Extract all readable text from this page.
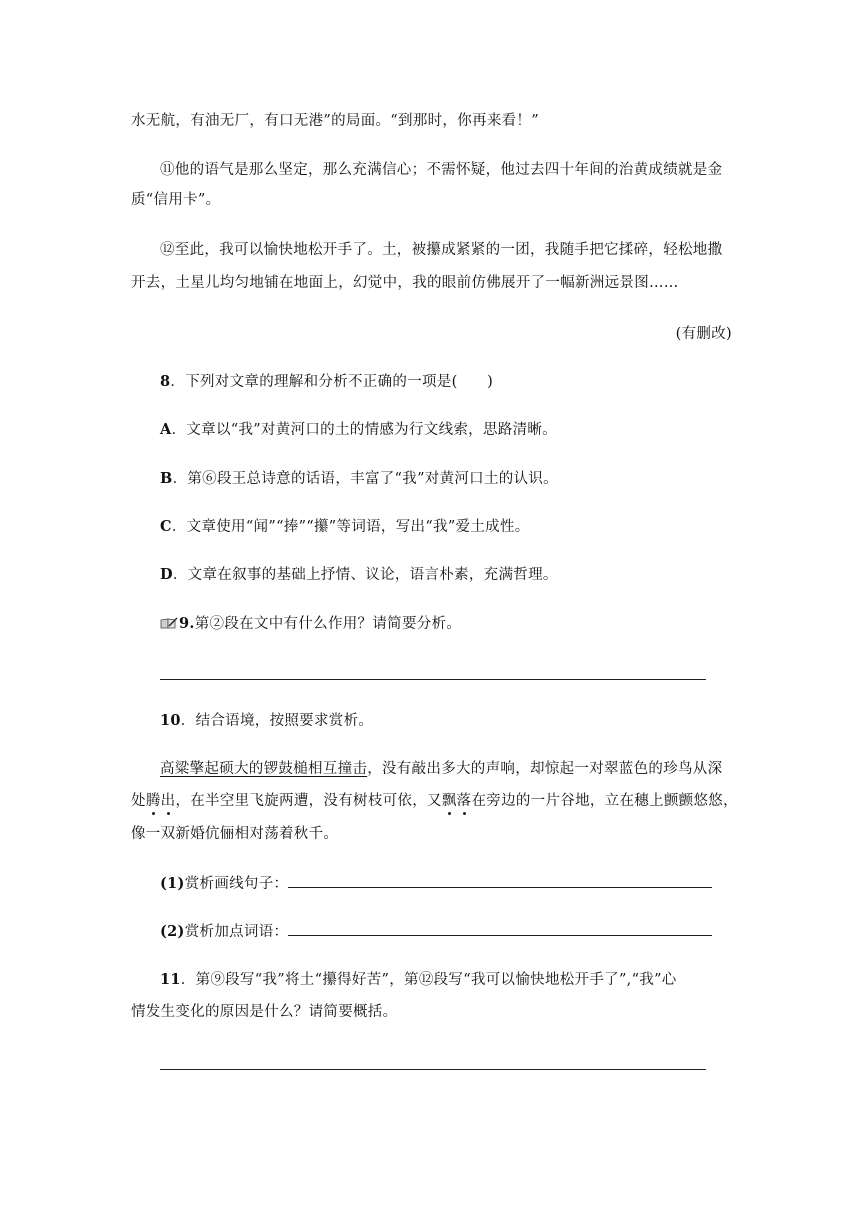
水无航，有油无厂，有口无港”的局面。“到那时，你再来看！”
⑪他的语气是那么坚定，那么充满信心；不需怀疑，他过去四十年间的治黄成绩就是金
质“信用卡”。
⑫至此，我可以愉快地松开手了。土，被攥成紧紧的一团，我随手把它揉碎，轻松地撒
开去，土星儿均匀地铺在地面上，幻觉中，我的眼前仿佛展开了一幅新洲远景图……
(有删改)
8．下列对文章的理解和分析不正确的一项是(　　)
A．文章以“我”对黄河口的土的情感为行文线索，思路清晰。
B．第⑥段王总诗意的话语，丰富了“我”对黄河口土的认识。
C．文章使用“闻”“捧”“攥”等词语，写出“我”爱土成性。
D．文章在叙事的基础上抒情、议论，语言朴素，充满哲理。
9.第②段在文中有什么作用？请简要分析。
10．结合语境，按照要求赏析。
高粱擎起硕大的锣鼓槌相互撞击，没有敲出多大的声响，却惊起一对翠蓝色的珍鸟从深
处腾出，在半空里飞旋两遭，没有树枝可依，又飘落在旁边的一片谷地，立在穗上颤颤悠悠，
像一双新婚伉俪相对荡着秋千。
(1)赏析画线句子：
(2)赏析加点词语：
11．第⑨段写“我”将土“攥得好苦”，第⑫段写“我可以愉快地松开手了”,“我”心
情发生变化的原因是什么？请简要概括。
